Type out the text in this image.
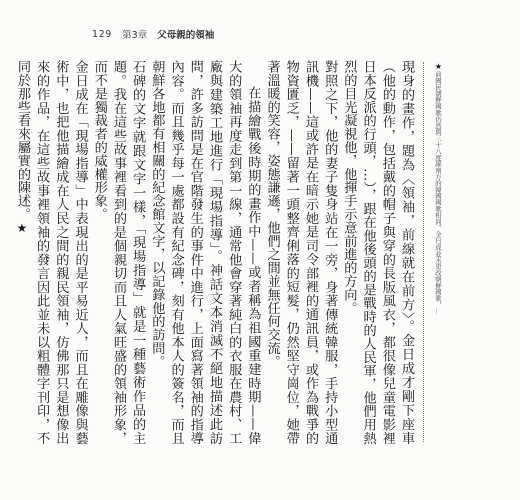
129 第3章 父母親的領袖
★前國民朝鮮國歌仍然與三十八度線南方的韓國國歌相同。金日成並未更改朝鮮國歌，…

現身的畫作，題為〈領袖，前線就在前方〉。金日成才剛下座車（他的動作，包括戴的帽子與穿的長版風衣，都很像兒童電影裡日本反派的行頭，…），跟在他後頭的是戰時的人民軍，他們用熱烈的目光凝視他，他揮手示意前進的方向。

對照之下，他的妻子隻身站在一旁，身著傳統韓服，手持小型通訊機——這或許是在暗示她是司令部裡的通訊員，或作為戰爭的物資匱乏，——留著一頭整齊俐落的短髮，仍然堅守崗位，她帶著溫暖的笑容，姿態謙遜，他們之間並無任何交流。

在描繪戰後時期的畫作中——或者稱為祖國重建時期——偉大的領袖再度走到第一線，通常他會穿著純白的衣服在農村、工廠與建築工地進行「現場指導」。神話文本消滅不絕地描述此訪問，許多訪問是在官階發生的事件中進行，上面寫著領袖的指導內容。而且幾乎每一處都設有紀念碑，刻有他本人的簽名，而且朝鮮各地都有相關的紀念館文字，以記錄他的訪問。

石碑的文字就跟文字一樣，「現場指導」就是一種藝術作品的主題。我在這些故事裡看到的是個親切而且人氣旺盛的領袖形象，而不是獨裁者的威權形象。

金日成在「現場指導」中表現出的是平易近人，而且在雕像與藝術中，也把他描繪成在人民之間的親民領袖，仿佛那只是想像出來的作品，在這些故事裡領袖的發言因此並未以粗體字刊印，不同於那些看來屬實的陳述。★
